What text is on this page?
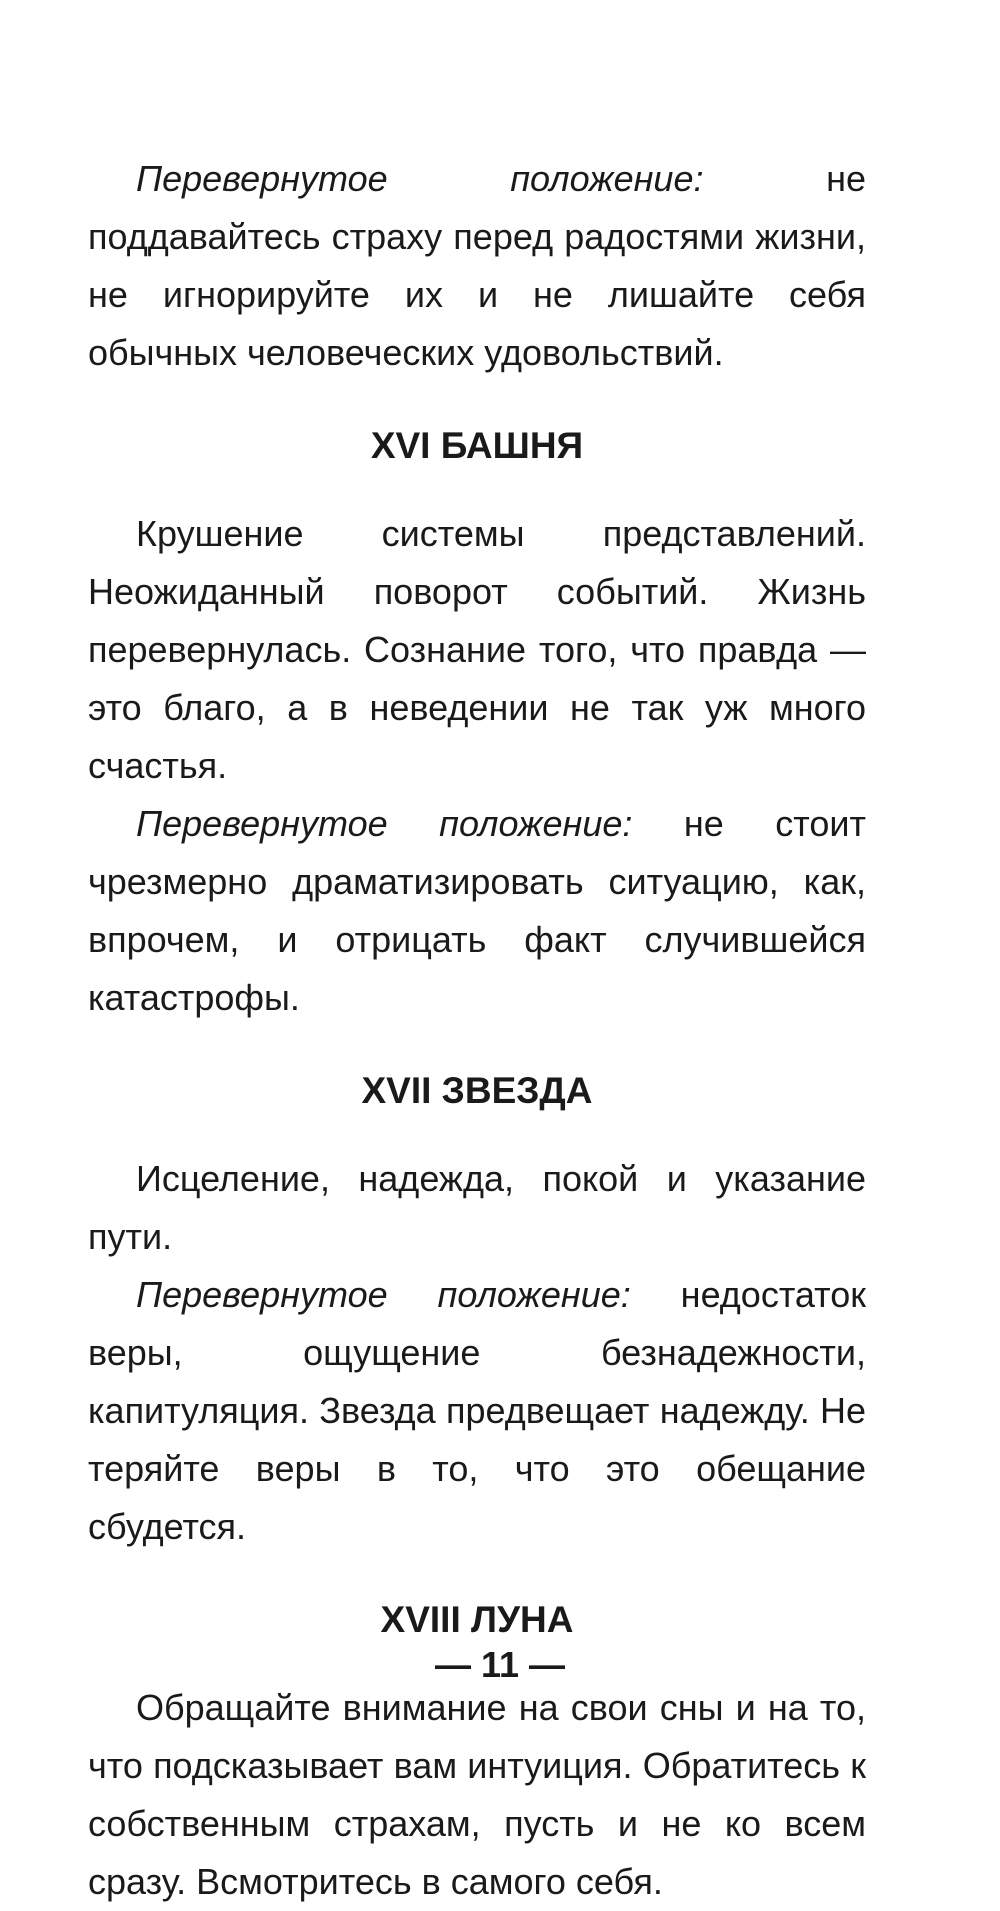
Перевернутое положение: не поддавайтесь страху перед радостями жизни, не игнорируйте их и не лишайте себя обычных человеческих удовольствий.

XVI БАШНЯ

Крушение системы представлений. Неожиданный поворот событий. Жизнь перевернулась. Сознание того, что правда — это благо, а в неведении не так уж много счастья.

Перевернутое положение: не стоит чрезмерно драматизировать ситуацию, как, впрочем, и отрицать факт случившейся катастрофы.

XVII ЗВЕЗДА

Исцеление, надежда, покой и указание пути.

Перевернутое положение: недостаток веры, ощущение безнадежности, капитуляция. Звезда предвещает надежду. Не теряйте веры в то, что это обещание сбудется.

XVIII ЛУНА

Обращайте внимание на свои сны и на то, что подсказывает вам интуиция. Обратитесь к собственным страхам, пусть и не ко всем сразу. Всмотритесь в самого себя.

— 11 —
